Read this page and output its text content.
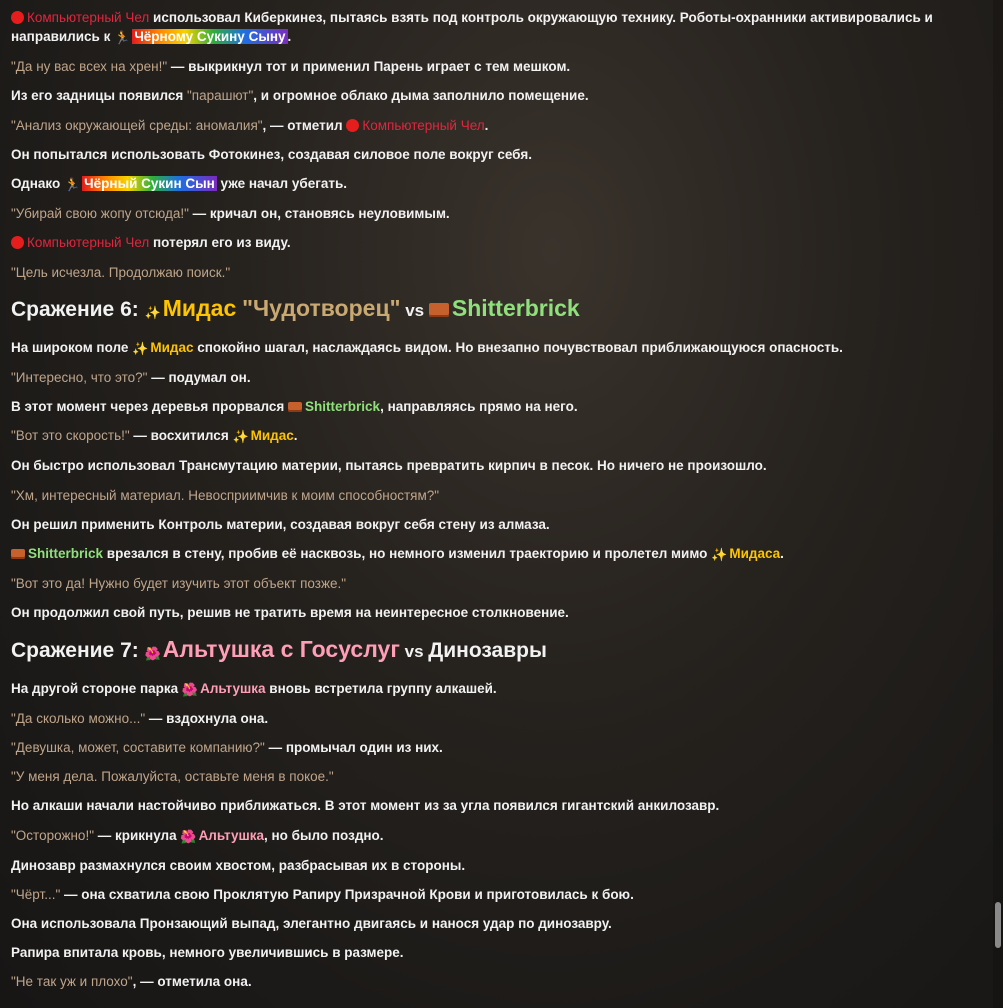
Компьютерный Чел использовал Киберкинез, пытаясь взять под контроль окружающую технику. Роботы-охранники активировались и направились к 🏃 Чёрному Сукину Сыну .

"Да ну вас всех на хрен!" — выкрикнул тот и применил Парень играет с тем мешком.

Из его задницы появился "парашют", и огромное облако дыма заполнило помещение.

"Анализ окружающей среды: аномалия", — отметил Компьютерный Чел.

Он попытался использовать Фотокинез, создавая силовое поле вокруг себя.

Однако 🏃 Чёрный Сукин Сын уже начал убегать.

"Убирай свою жопу отсюда!" — кричал он, становясь неуловимым.

Компьютерный Чел потерял его из виду.

"Цель исчезла. Продолжаю поиск."

Сражение 6: ✨Мидас "Чудотворец" vs Shitterbrick

На широком поле ✨ Мидас спокойно шагал, наслаждаясь видом. Но внезапно почувствовал приближающуюся опасность.

"Интересно, что это?" — подумал он.

В этот момент через деревья прорвался Shitterbrick, направляясь прямо на него.

"Вот это скорость!" — восхитился ✨ Мидас.

Он быстро использовал Трансмутацию материи, пытаясь превратить кирпич в песок. Но ничего не произошло.

"Хм, интересный материал. Невосприимчив к моим способностям?"

Он решил применить Контроль материи, создавая вокруг себя стену из алмаза.

Shitterbrick врезался в стену, пробив её насквозь, но немного изменил траекторию и пролетел мимо ✨ Мидаса.

"Вот это да! Нужно будет изучить этот объект позже."

Он продолжил свой путь, решив не тратить время на неинтересное столкновение.

Сражение 7: 🌺Альтушка с Госуслуг vs Динозавры

На другой стороне парка 🌺 Альтушка вновь встретила группу алкашей.

"Да сколько можно..." — вздохнула она.

"Девушка, может, составите компанию?" — промычал один из них.

"У меня дела. Пожалуйста, оставьте меня в покое."

Но алкаши начали настойчиво приближаться. В этот момент из за угла появился гигантский анкилозавр.

"Осторожно!" — крикнула 🌺 Альтушка, но было поздно.

Динозавр размахнулся своим хвостом, разбрасывая их в стороны.

"Чёрт..." — она схватила свою Проклятую Рапиру Призрачной Крови и приготовилась к бою.

Она использовала Пронзающий выпад, элегантно двигаясь и нанося удар по динозавру.

Рапира впитала кровь, немного увеличившись в размере.

"Не так уж и плохо", — отметила она.
